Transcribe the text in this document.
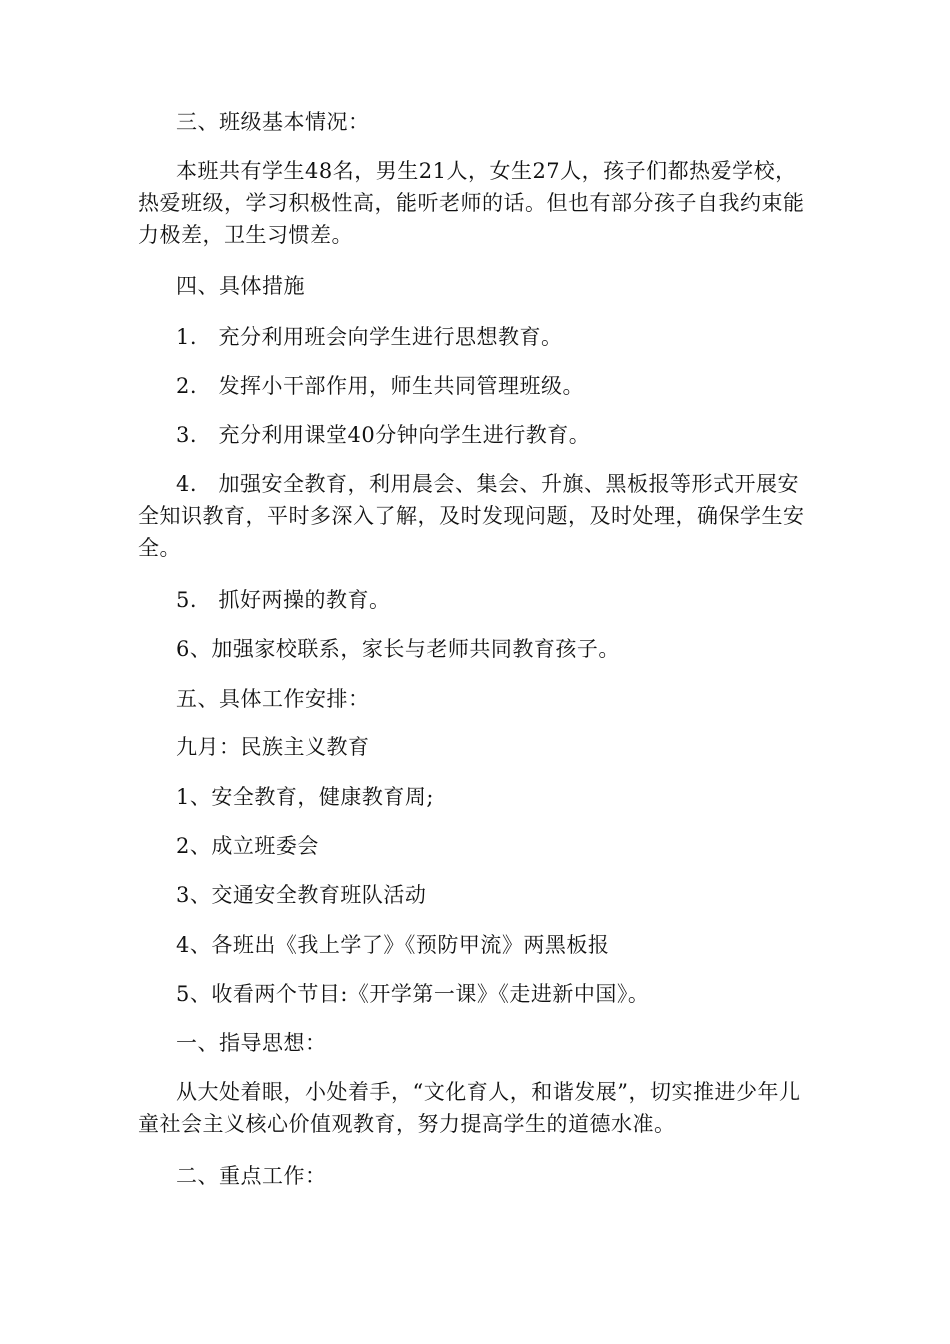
三、班级基本情况：

本班共有学生48名，男生21人，女生27人，孩子们都热爱学校，热爱班级，学习积极性高，能听老师的话。但也有部分孩子自我约束能力极差，卫生习惯差。

四、具体措施

1.　充分利用班会向学生进行思想教育。

2.　发挥小干部作用，师生共同管理班级。

3.　充分利用课堂40分钟向学生进行教育。

4.　加强安全教育，利用晨会、集会、升旗、黑板报等形式开展安全知识教育，平时多深入了解，及时发现问题，及时处理，确保学生安全。

5.　抓好两操的教育。

6、加强家校联系，家长与老师共同教育孩子。

五、具体工作安排：

九月：民族主义教育

1、安全教育，健康教育周;

2、成立班委会

3、交通安全教育班队活动

4、各班出《我上学了》《预防甲流》两黑板报

5、收看两个节目:《开学第一课》《走进新中国》。

一、指导思想：

从大处着眼，小处着手，“文化育人，和谐发展”，切实推进少年儿童社会主义核心价值观教育，努力提高学生的道德水准。

二、重点工作：
